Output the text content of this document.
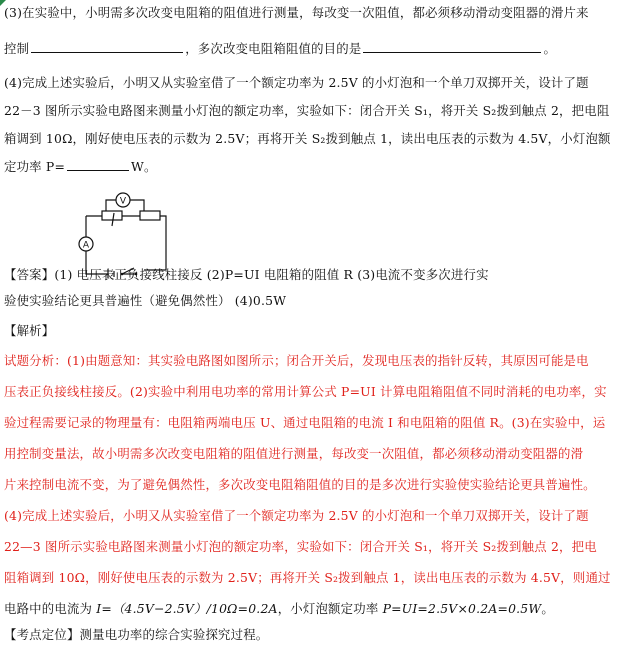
(3)在实验中，小明需多次改变电阻箱的阻值进行测量，每改变一次阻值，都必须移动滑动变阻器的滑片来
控制	，多次改变电阻箱阻值的目的是	。
(4)完成上述实验后，小明又从实验室借了一个额定功率为 2.5V 的小灯泡和一个单刀双掷开关，设计了题
22－3 图所示实验电路图来测量小灯泡的额定功率，实验如下：闭合开关 S₁，将开关 S₂拨到触点 2，把电阻
箱调到 10Ω，刚好使电压表的示数为 2.5V；再将开关 S₂拨到触点 1，读出电压表的示数为 4.5V，小灯泡额
定功率 P=	W。
V
A
【答案】(1) 电压表正负接线柱接反 (2)P=UI 电阻箱的阻值 R (3)电流不变多次进行实
验使实验结论更具普遍性（避免偶然性） (4)0.5W
【解析】
试题分析：(1)由题意知：其实验电路图如图所示；闭合开关后，发现电压表的指针反转，其原因可能是电
压表正负接线柱接反。(2)实验中利用电功率的常用计算公式 P=UI 计算电阻箱阻值不同时消耗的电功率，实
验过程需要记录的物理量有：电阻箱两端电压 U、通过电阻箱的电流 I 和电阻箱的阻值 R。(3)在实验中，运
用控制变量法，故小明需多次改变电阻箱的阻值进行测量，每改变一次阻值，都必须移动滑动变阻器的滑
片来控制电流不变，为了避免偶然性，多次改变电阻箱阻值的目的是多次进行实验使实验结论更具普遍性。
(4)完成上述实验后，小明又从实验室借了一个额定功率为 2.5V 的小灯泡和一个单刀双掷开关，设计了题
22—3 图所示实验电路图来测量小灯泡的额定功率，实验如下：闭合开关 S₁，将开关 S₂拨到触点 2，把电
阻箱调到 10Ω，刚好使电压表的示数为 2.5V；再将开关 S₂拨到触点 1，读出电压表的示数为 4.5V，则通过
电路中的电流为 I=（4.5V−2.5V）/10Ω=0.2A，小灯泡额定功率 P=UI=2.5V×0.2A=0.5W。
【考点定位】测量电功率的综合实验探究过程。
